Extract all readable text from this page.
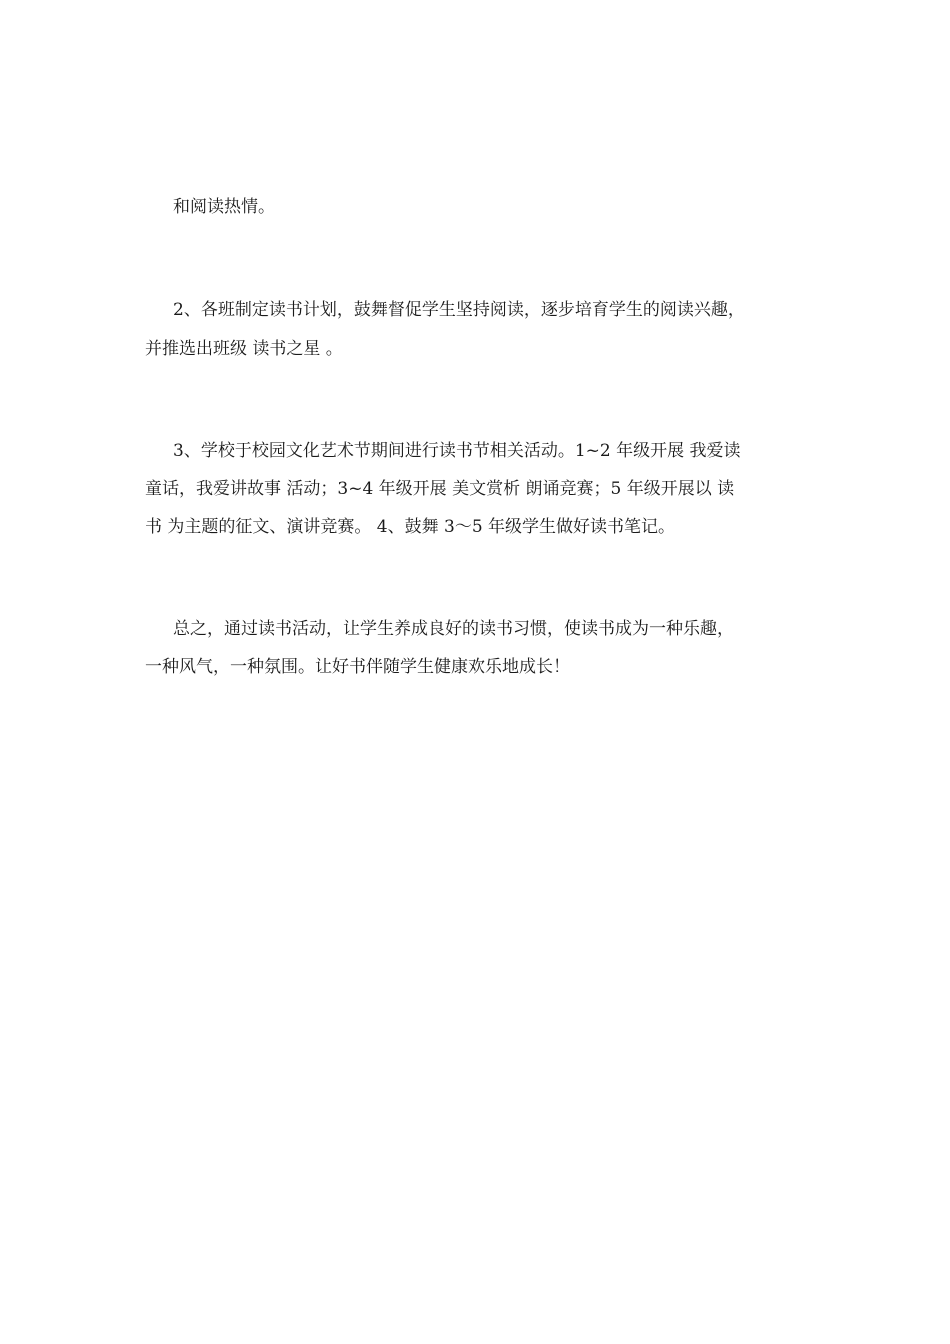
和阅读热情。

2、各班制定读书计划，鼓舞督促学生坚持阅读，逐步培育学生的阅读兴趣，

并推选出班级 读书之星 。

3、学校于校园文化艺术节期间进行读书节相关活动。1~2 年级开展 我爱读

童话，我爱讲故事 活动；3~4 年级开展 美文赏析 朗诵竞赛；5 年级开展以 读

书 为主题的征文、演讲竞赛。 4、鼓舞 3～5 年级学生做好读书笔记。

总之，通过读书活动，让学生养成良好的读书习惯，使读书成为一种乐趣，

一种风气，一种氛围。让好书伴随学生健康欢乐地成长！
